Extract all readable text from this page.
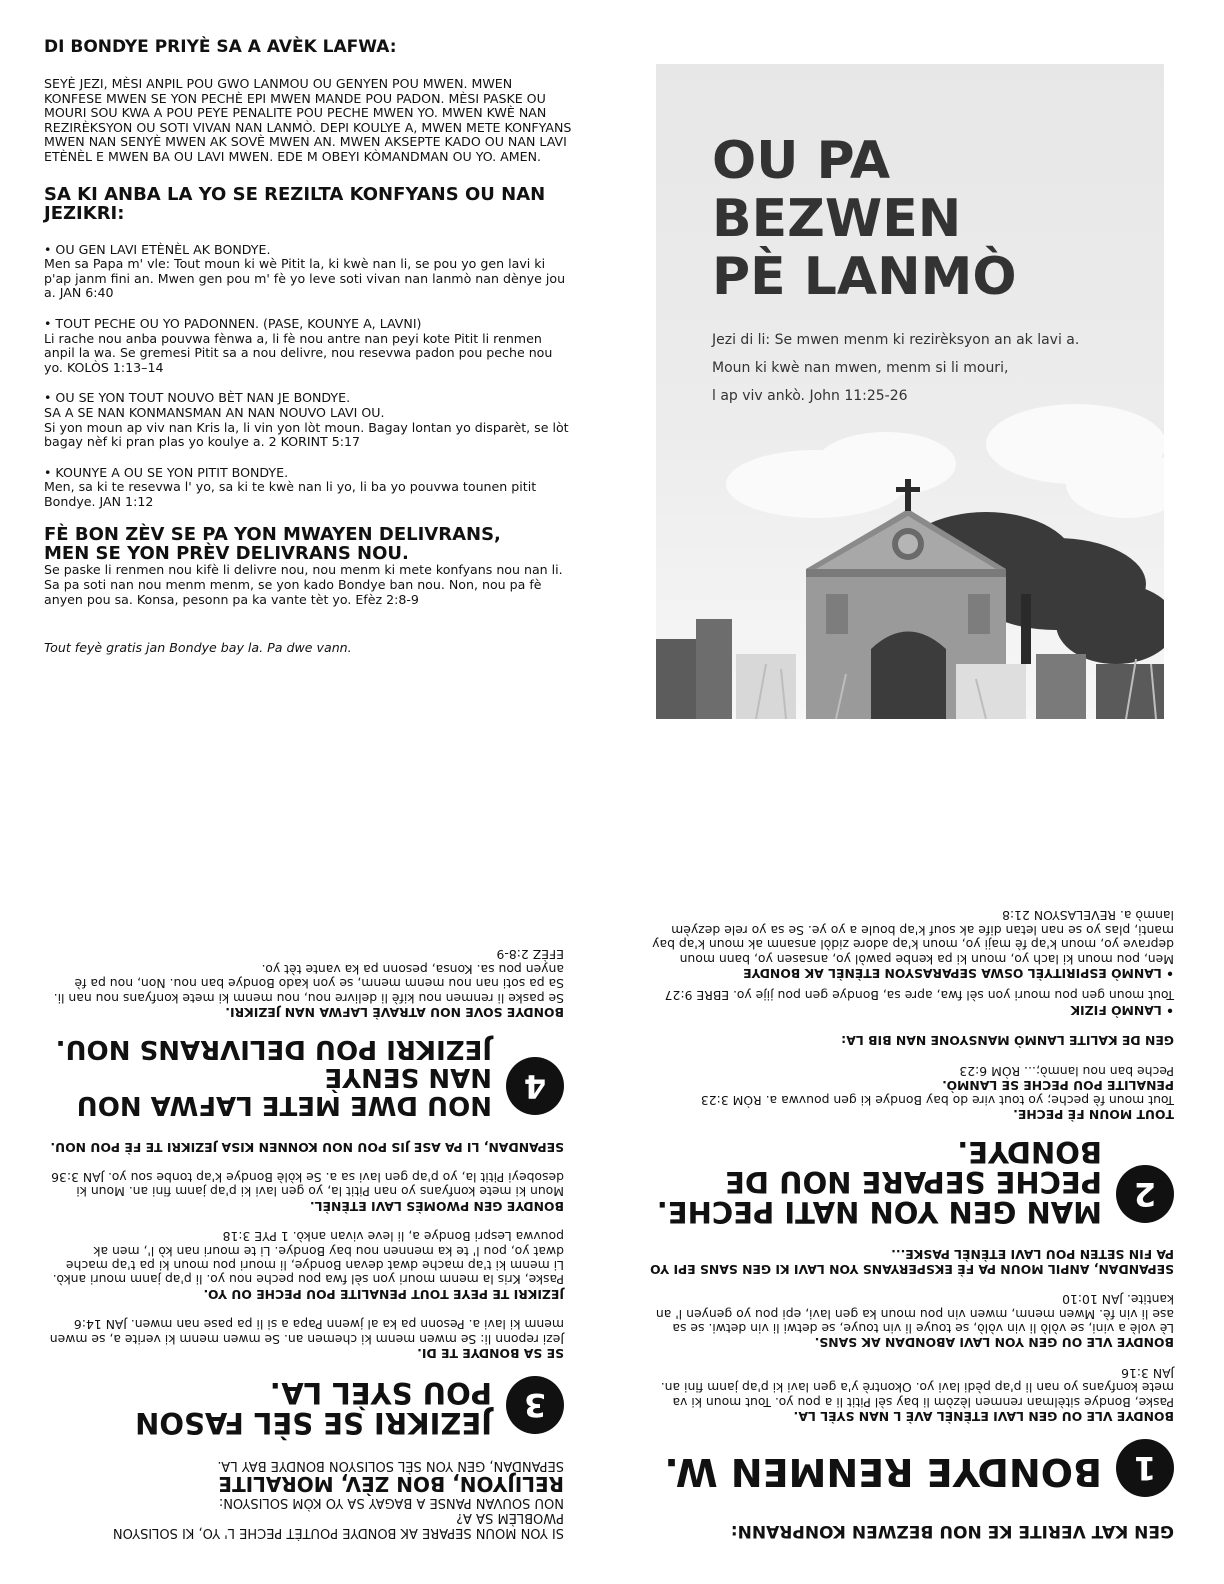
DI BONDYE PRIYÈ SA A AVÈK LAFWA:

SEYÈ JEZI, MÈSI ANPIL POU GWO LANMOU OU GENYEN POU MWEN. MWEN KONFESE MWEN SE YON PECHÈ EPI MWEN MANDE POU PADON. MÈSI PASKE OU MOURI SOU KWA A POU PEYE PENALITE POU PECHE MWEN YO. MWEN KWÈ NAN REZIRÈKSYON OU SOTI VIVAN NAN LANMÒ. DEPI KOULYE A, MWEN METE KONFYANS MWEN NAN SENYÈ MWEN AK SOVÈ MWEN AN. MWEN AKSEPTE KADO OU NAN LAVI ETÈNÈL E MWEN BA OU LAVI MWEN. EDE M OBEYI KÒMANDMAN OU YO. AMEN.

SA KI ANBA LA YO SE REZILTA KONFYANS OU NAN JEZIKRI:

• OU GEN LAVI ETÈNÈL AK BONDYE.

Men sa Papa m' vle: Tout moun ki wè Pitit la, ki kwè nan li, se pou yo gen lavi ki p'ap janm fini an. Mwen gen pou m' fè yo leve soti vivan nan lanmò nan dènye jou a. JAN 6:40

• TOUT PECHE OU YO PADONNEN. (PASE, KOUNYE A, LAVNI)

Li rache nou anba pouvwa fènwa a, li fè nou antre nan peyi kote Pitit li renmen anpil la wa. Se gremesi Pitit sa a nou delivre, nou resevwa padon pou peche nou yo. KOLÒS 1:13–14

• OU SE YON TOUT NOUVO BÈT NAN JE BONDYE.

SA A SE NAN KONMANSMAN AN NAN NOUVO LAVI OU.

Si yon moun ap viv nan Kris la, li vin yon lòt moun. Bagay lontan yo disparèt, se lòt bagay nèf ki pran plas yo koulye a. 2 KORINT 5:17

• KOUNYE A OU SE YON PITIT BONDYE.

Men, sa ki te resevwa l' yo, sa ki te kwè nan li yo, li ba yo pouvwa tounen pitit Bondye. JAN 1:12

FÈ BON ZÈV SE PA YON MWAYEN DELIVRANS,

MEN SE YON PRÈV DELIVRANS NOU.

Se paske li renmen nou kifè li delivre nou, nou menm ki mete konfyans nou nan li. Sa pa soti nan nou menm menm, se yon kado Bondye ban nou. Non, nou pa fè anyen pou sa. Konsa, pesonn pa ka vante tèt yo. Efèz 2:8-9

Tout feyè gratis jan Bondye bay la. Pa dwe vann.

OU PA
BEZWEN
PÈ LANMÒ

Jezi di li: Se mwen menm ki rezirèksyon an ak lavi a.
Moun ki kwè nan mwen, menm si li mouri,
l ap viv ankò. John 11:25-26

SI YON MOUN SEPARE AK BONDYE POUTÈT PECHE L' YO, KI SOLISYON PWOBLÈM SA A?

NOU SOUVAN PANSE A BAGAY SA YO KÒM SOLISYON:

RELIJYON, BON ZÈV, MORALITE

SEPANDAN, GEN YON SÈL SOLISYON BONDYE BAY LA.

3

JEZIKRI SE SÈL FASON
POU SYÈL LA.

SE SA BONDYE TE DI.

Jezi reponn li: Se mwen menm ki chemen an. Se mwen menm ki verite a, se mwen menm ki lavi a. Pesonn pa ka al jwenn Papa a si li pa pase nan mwen. JAN 14:6

JEZIKRI TE PEYE TOUT PENALITE POU PECHE OU YO.

Paske, Kris la menm mouri yon sèl fwa pou peche nou yo. li p'ap janm mouri ankò. Li menm ki t'ap mache dwat devan Bondye, li mouri pou moun ki pa t'ap mache dwat yo, pou l' te ka mennen nou bay Bondye. Li te mouri nan kò l', men ak pouvwa Lespri Bondye a, li leve vivan ankò. 1 PYE 3:18

BONDYE GEN PWOMÈS LAVI ETÈNÈL.

Moun ki mete konfyans yo nan Pitit la, yo gen lavi ki p'ap janm fini an. Moun ki desobeyi Pitit la, yo p'ap gen lavi sa a. Se kòlè Bondye k'ap tonbe sou yo. JAN 3:36

SEPANDAN, LI PA ASE JIS POU NOU KONNEN KISA JEZIKRI TE FÈ POU NOU.

4

NOU DWE METE LAFWA NOU NAN SENYÈ
JEZIKRI POU DELIVRANS NOU.

BONDYE SOVE NOU ATRAVÈ LAFWA NAN JEZIKRI.

Se paske li renmen nou kifè li delivre nou, nou menm ki mete konfyans nou nan li. Sa pa soti nan nou menm menm, se yon kado Bondye ban nou. Non, nou pa fè anyen pou sa. Konsa, pesonn pa ka vante tèt yo.

EFÈZ 2:8-9

GEN KAT VERITE KE NOU BEZWEN KONPRANN:

1

BONDYE RENMEN W.

BONDYE VLE OU GEN LAVI ETÈNÈL AVÈ L NAN SYÈL LA.

Paske, Bondye sitèlman renmen lèzòm li bay sèl Pitit li a pou yo. Tout moun ki va mete konfyans yo nan li p'ap pèdi lavi yo. Okontrè y'a gen lavi ki p'ap janm fini an. JAN 3:16

BONDYE VLE OU GEN YON LAVI ABONDAN AK SANS.

Lè volè a vini, se vòlò li vin vòlò, se touye li vin touye, se detwi li vin detwi. se sa ase li vin fè. Mwen menm, mwen vin pou moun ka gen lavi, epi pou yo genyen l' an kantite. JAN 10:10

SEPANDAN, ANPIL MOUN PA FÈ EKSPERYANS YON LAVI KI GEN SANS EPI YO PA FIN SETEN POU LAVI ETÈNÈL PASKE...

2

MAN GEN YON NATI PECHE.
PECHE SEPARE NOU DE BONDYE.

TOUT MOUN FÈ PECHE.

Tout moun fè peche; yo tout vire do bay Bondye ki gen pouvwa a. RÒM 3:23

PENALITE POU PECHE SE LANMÒ.

Peche ban nou lanmò;... RÒM 6:23

GEN DE KALITE LANMÒ MANSYONE NAN BIB LA:

• LANMÒ FIZIK

Tout moun gen pou mouri yon sèl fwa, apre sa, Bondye gen pou jije yo. EBRE 9:27

• LANMÒ ESPIRITYÈL OSWA SEPARASYON ETÈNÈL AK BONDYE

Men, pou moun ki lach yo, moun ki pa kenbe pawòl yo, ansasen yo, bann moun deprave yo, moun k'ap fè maji yo, moun k'ap adore zidòl ansanm ak moun k'ap bay manti, plas yo se nan letan dife ak souf k'ap boule a yo ye. Se sa yo rele dezyèm lanmò a. REVELASYON 21:8
